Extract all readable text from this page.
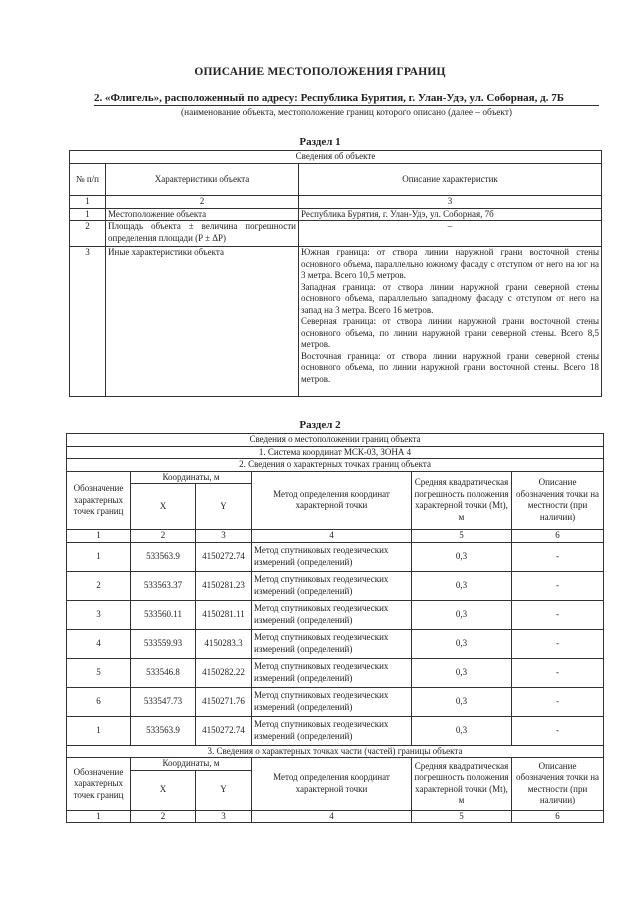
ОПИСАНИЕ МЕСТОПОЛОЖЕНИЯ ГРАНИЦ
2. «Флигель», расположенный по адресу: Республика Бурятия, г. Улан-Удэ, ул. Соборная, д. 7Б
(наименование объекта, местоположение границ которого описано (далее – объект)
Раздел 1
Сведения об объекте		
№ п/п	Характеристики объекта	Описание характеристик
1	2	3
1	Местоположение объекта	Республика Бурятия, г. Улан-Удэ, ул. Соборная, 7б
2	Площадь объекта ± величина погрешности определения площади (P ± ΔP)	–
3	Иные характеристики объекта	Южная граница: от створа линии наружной грани восточной стены основного объема, параллельно южному фасаду с отступом от него на юг на 3 метра. Всего 10,5 метров.
Западная граница: от створа линии наружной грани северной стены основного объема, параллельно западному фасаду с отступом от него на запад на 3 метра. Всего 16 метров.
Северная граница: от створа линии наружной грани восточной стены основного объема, по линии наружной грани северной стены. Всего 8,5 метров.
Восточная граница: от створа линии наружной грани северной стены основного объема, по линии наружной грани восточной стены. Всего 18 метров.
Раздел 2
Сведения о местоположении границ объекта					
1. Система координат МСК-03, ЗОНА 4					
2. Сведения о характерных точках границ объекта					
Обозначение характерных точек границ	Координаты, м		Метод определения координат характерной точки	Средняя квадратическая погрешность положения характерной точки (Mt), м	Описание обозначения точки на местности (при наличии)
	X	Y			
1	2	3	4	5	6
1	533563.9	4150272.74	Метод спутниковых геодезических измерений (определений)	0,3	-
2	533563.37	4150281.23	Метод спутниковых геодезических измерений (определений)	0,3	-
3	533560.11	4150281.11	Метод спутниковых геодезических измерений (определений)	0,3	-
4	533559.93	4150283.3	Метод спутниковых геодезических измерений (определений)	0,3	-
5	533546.8	4150282.22	Метод спутниковых геодезических измерений (определений)	0,3	-
6	533547.73	4150271.76	Метод спутниковых геодезических измерений (определений)	0,3	-
1	533563.9	4150272.74	Метод спутниковых геодезических измерений (определений)	0,3	-
3. Сведения о характерных точках части (частей) границы объекта					
Обозначение характерных точек границ	Координаты, м		Метод определения координат характерной точки	Средняя квадратическая погрешность положения характерной точки (Mt), м	Описание обозначения точки на местности (при наличии)
	X	Y			
1	2	3	4	5	6
